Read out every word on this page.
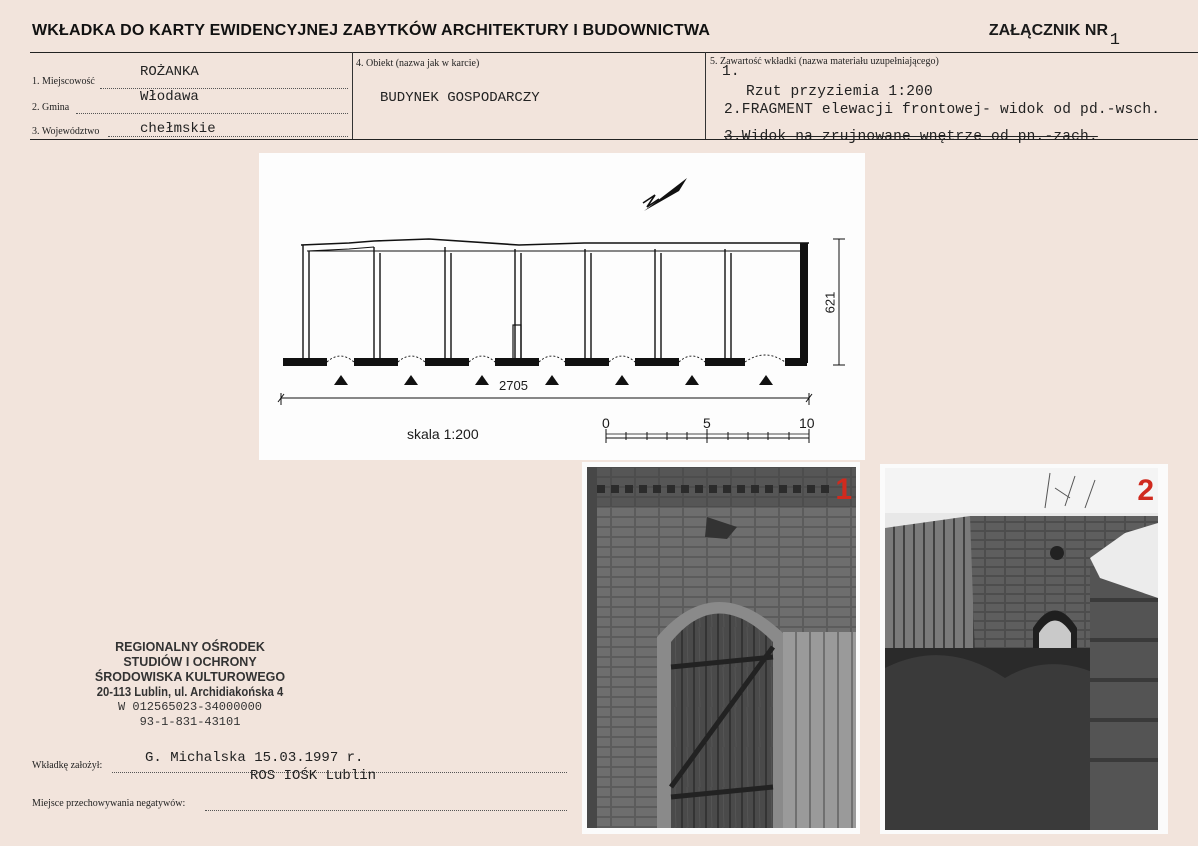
WKŁADKA DO KARTY EWIDENCYJNEJ ZABYTKÓW ARCHITEKTURY I BUDOWNICTWA	ZAŁĄCZNIK NR
1
1. Miejscowość
ROŻANKA
2. Gmina
Włodawa
3. Województwo	chełmskie
4. Obiekt (nazwa jak w karcie)
BUDYNEK GOSPODARCZY
5. Zawartość wkładki (nazwa materiału uzupełniającego)
1.
Rzut przyziemia 1:200
2.FRAGMENT elewacji frontowej- widok od pd.-wsch.
3.Widok na zrujnowane wnętrze od pn.-zach.
2705
621
skala 1:200
0	5	10
1	2
REGIONALNY OŚRODEK
STUDIÓW I OCHRONY
ŚRODOWISKA KULTUROWEGO
20-113 Lublin, ul. Archidiakońska 4
W 012565023-34000000
93-1-831-43101
Wkładkę założył:	G. Michalska 15.03.1997 r.
ROS IOŚK Lublin
Miejsce przechowywania negatywów:
